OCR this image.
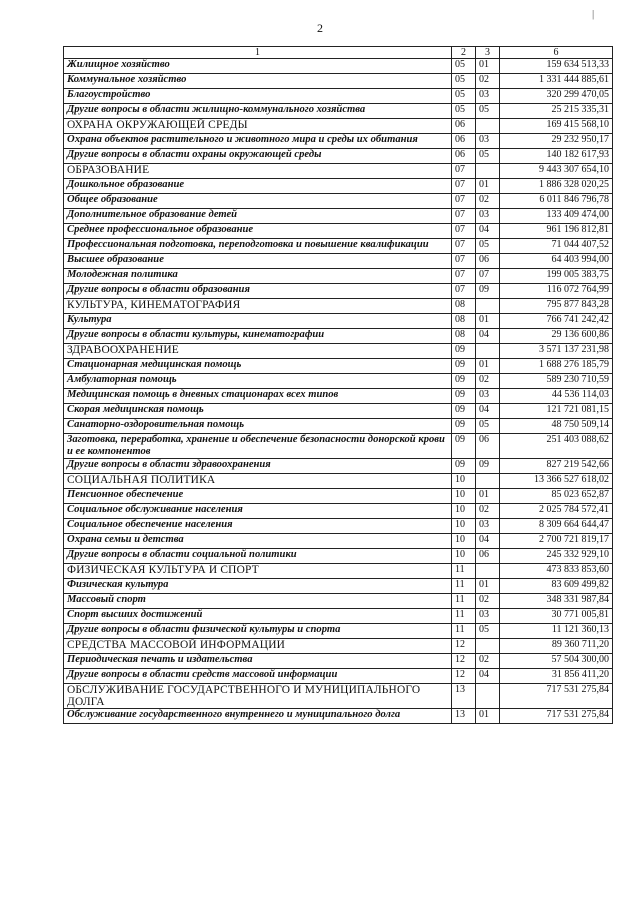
2
|
1	2	3	6
Жилищное хозяйство	05	01	159 634 513,33
Коммунальное хозяйство	05	02	1 331 444 885,61
Благоустройство	05	03	320 299 470,05
Другие вопросы в области жилищно-коммунального хозяйства	05	05	25 215 335,31
ОХРАНА ОКРУЖАЮЩЕЙ СРЕДЫ	06		169 415 568,10
Охрана объектов растительного и животного мира и среды их обитания	06	03	29 232 950,17
Другие вопросы в области охраны окружающей среды	06	05	140 182 617,93
ОБРАЗОВАНИЕ	07		9 443 307 654,10
Дошкольное образование	07	01	1 886 328 020,25
Общее образование	07	02	6 011 846 796,78
Дополнительное образование детей	07	03	133 409 474,00
Среднее профессиональное образование	07	04	961 196 812,81
Профессиональная подготовка, переподготовка и повышение квалификации	07	05	71 044 407,52
Высшее образование	07	06	64 403 994,00
Молодежная политика	07	07	199 005 383,75
Другие вопросы в области образования	07	09	116 072 764,99
КУЛЬТУРА, КИНЕМАТОГРАФИЯ	08		795 877 843,28
Культура	08	01	766 741 242,42
Другие вопросы в области культуры, кинематографии	08	04	29 136 600,86
ЗДРАВООХРАНЕНИЕ	09		3 571 137 231,98
Стационарная медицинская помощь	09	01	1 688 276 185,79
Амбулаторная помощь	09	02	589 230 710,59
Медицинская помощь в дневных стационарах всех типов	09	03	44 536 114,03
Скорая медицинская помощь	09	04	121 721 081,15
Санаторно-оздоровительная помощь	09	05	48 750 509,14
Заготовка, переработка, хранение и обеспечение безопасности донорской крови и ее компонентов	09	06	251 403 088,62
Другие вопросы в области здравоохранения	09	09	827 219 542,66
СОЦИАЛЬНАЯ ПОЛИТИКА	10		13 366 527 618,02
Пенсионное обеспечение	10	01	85 023 652,87
Социальное обслуживание населения	10	02	2 025 784 572,41
Социальное обеспечение населения	10	03	8 309 664 644,47
Охрана семьи и детства	10	04	2 700 721 819,17
Другие вопросы в области социальной политики	10	06	245 332 929,10
ФИЗИЧЕСКАЯ КУЛЬТУРА И СПОРТ	11		473 833 853,60
Физическая культура	11	01	83 609 499,82
Массовый спорт	11	02	348 331 987,84
Спорт высших достижений	11	03	30 771 005,81
Другие вопросы в области физической культуры и спорта	11	05	11 121 360,13
СРЕДСТВА МАССОВОЙ ИНФОРМАЦИИ	12		89 360 711,20
Периодическая печать и издательства	12	02	57 504 300,00
Другие вопросы в области средств массовой информации	12	04	31 856 411,20
ОБСЛУЖИВАНИЕ ГОСУДАРСТВЕННОГО И МУНИЦИПАЛЬНОГО ДОЛГА	13		717 531 275,84
Обслуживание государственного внутреннего и муниципального долга	13	01	717 531 275,84
